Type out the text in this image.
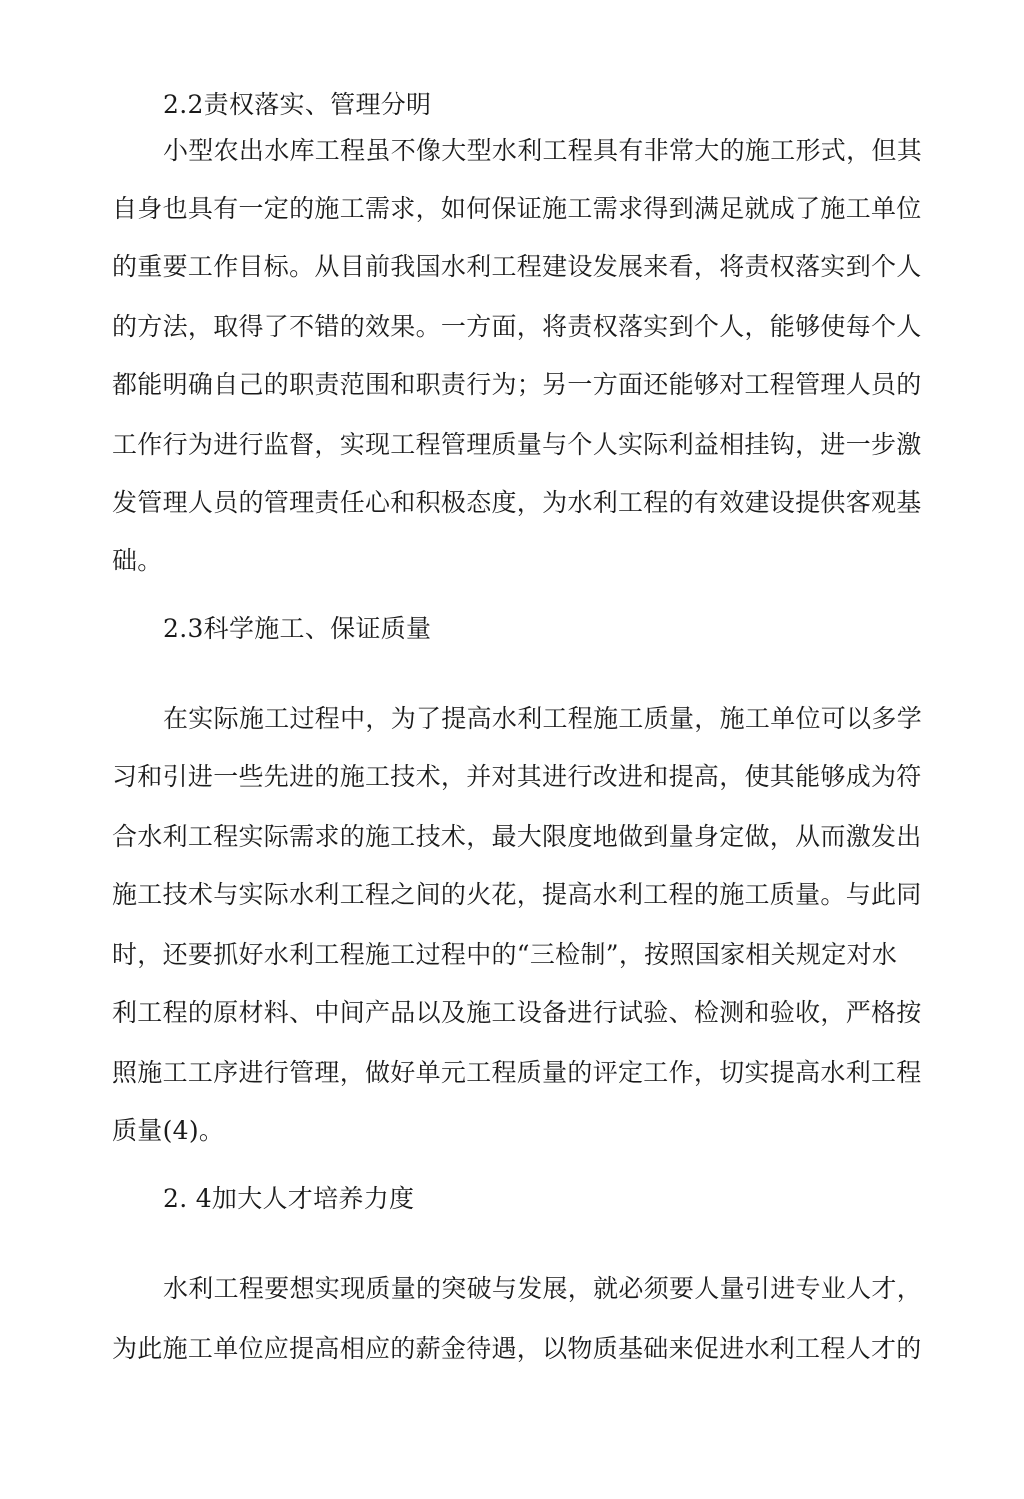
2.2责权落实、管理分明
小型农出水库工程虽不像大型水利工程具有非常大的施工形式，但其
自身也具有一定的施工需求，如何保证施工需求得到满足就成了施工单位
的重要工作目标。从目前我国水利工程建设发展来看，将责权落实到个人
的方法，取得了不错的效果。一方面，将责权落实到个人，能够使每个人
都能明确自己的职责范围和职责行为；另一方面还能够对工程管理人员的
工作行为进行监督，实现工程管理质量与个人实际利益相挂钩，进一步激
发管理人员的管理责任心和积极态度，为水利工程的有效建设提供客观基
础。
2.3科学施工、保证质量
在实际施工过程中，为了提高水利工程施工质量，施工单位可以多学
习和引进一些先进的施工技术，并对其进行改进和提高，使其能够成为符
合水利工程实际需求的施工技术，最大限度地做到量身定做，从而激发出
施工技术与实际水利工程之间的火花，提高水利工程的施工质量。与此同
时，还要抓好水利工程施工过程中的“三检制”，按照国家相关规定对水
利工程的原材料、中间产品以及施工设备进行试验、检测和验收，严格按
照施工工序进行管理，做好单元工程质量的评定工作，切实提高水利工程
质量(4)。
2. 4加大人才培养力度
水利工程要想实现质量的突破与发展，就必须要人量引进专业人才，
为此施工单位应提高相应的薪金待遇，以物质基础来促进水利工程人才的
